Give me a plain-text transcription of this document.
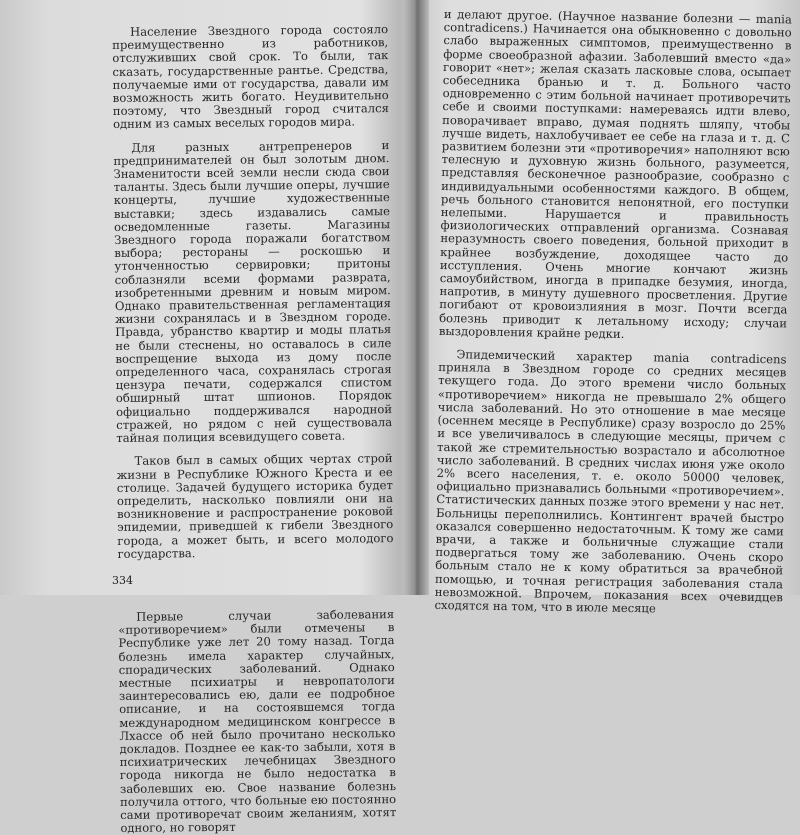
Население Звездного города состояло преимущественно из работников, отслуживших свой срок. То были, так сказать, государственные рантье. Средства, получаемые ими от государства, давали им возможность жить богато. Неудивительно поэтому, что Звездный город считался одним из самых веселых городов мира.

Для разных антрепренеров и предпринимателей он был золотым дном. Знаменитости всей земли несли сюда свои таланты. Здесь были лучшие оперы, лучшие концерты, лучшие художественные выставки; здесь издавались самые осведомленные газеты. Магазины Звездного города поражали богатством выбора; рестораны — роскошью и утонченностью сервировки; притоны соблазняли всеми формами разврата, изобретенными древним и новым миром. Однако правительственная регламентация жизни сохранялась и в Звездном городе. Правда, убранство квартир и моды платья не были стеснены, но оставалось в силе воспрещение выхода из дому после определенного часа, сохранялась строгая цензура печати, содержался спистом обширный штат шпионов. Порядок официально поддерживался народной стражей, но рядом с ней существовала тайная полиция всевидущего совета.

Таков был в самых общих чертах строй жизни в Республике Южного Креста и ее столице. Задачей будущего историка будет определить, насколько повлияли они на возникновение и распространение роковой эпидемии, приведшей к гибели Звездного города, а может быть, и всего молодого государства.

Первые случаи заболевания «противоречием» были отмечены в Республике уже лет 20 тому назад. Тогда болезнь имела характер случайных, спорадических заболеваний. Однако местные психиатры и невропатологи заинтересовались ею, дали ее подробное описание, и на состоявшемся тогда международном медицинском конгрессе в Лхассе об ней было прочитано несколько докладов. Позднее ее как-то забыли, хотя в психиатрических лечебницах Звездного города никогда не было недостатка в заболевших ею. Свое название болезнь получила оттого, что больные ею постоянно сами противоречат своим желаниям, хотят одного, но говорят

334

и делают другое. (Научное название болезни — mania contradicens.) Начинается она обыкновенно с довольно слабо выраженных симптомов, преимущественно в форме своеобразной афазии. Заболевший вместо «да» говорит «нет»; желая сказать ласковые слова, осыпает собеседника бранью и т. д. Больного часто одновременно с этим больной начинает противоречить себе и своими поступками: намереваясь идти влево, поворачивает вправо, думая поднять шляпу, чтобы лучше видеть, нахлобучивает ее себе на глаза и т. д. С развитием болезни эти «противоречия» наполняют всю телесную и духовную жизнь больного, разумеется, представляя бесконечное разнообразие, сообразно с индивидуальными особенностями каждого. В общем, речь больного становится непонятной, его поступки нелепыми. Нарушается и правильность физиологических отправлений организма. Сознавая неразумность своего поведения, больной приходит в крайнее возбуждение, доходящее часто до исступления. Очень многие кончают жизнь самоубийством, иногда в припадке безумия, иногда, напротив, в минуту душевного просветления. Другие погибают от кровоизлияния в мозг. Почти всегда болезнь приводит к летальному исходу; случаи выздоровления крайне редки.

Эпидемический характер mania contradicens приняла в Звездном городе со средних месяцев текущего года. До этого времени число больных «противоречием» никогда не превышало 2% общего числа заболеваний. Но это отношение в мае месяце (осеннем месяце в Республике) сразу возросло до 25% и все увеличивалось в следующие месяцы, причем с такой же стремительностью возрастало и абсолютное число заболеваний. В средних числах июня уже около 2% всего населения, т. е. около 50000 человек, официально признавались больными «противоречием». Статистических данных позже этого времени у нас нет. Больницы переполнились. Контингент врачей быстро оказался совершенно недостаточным. К тому же сами врачи, а также и больничные служащие стали подвергаться тому же заболеванию. Очень скоро больным стало не к кому обратиться за врачебной помощью, и точная регистрация заболевания стала невозможной. Впрочем, показания всех очевидцев сходятся на том, что в июле месяце
